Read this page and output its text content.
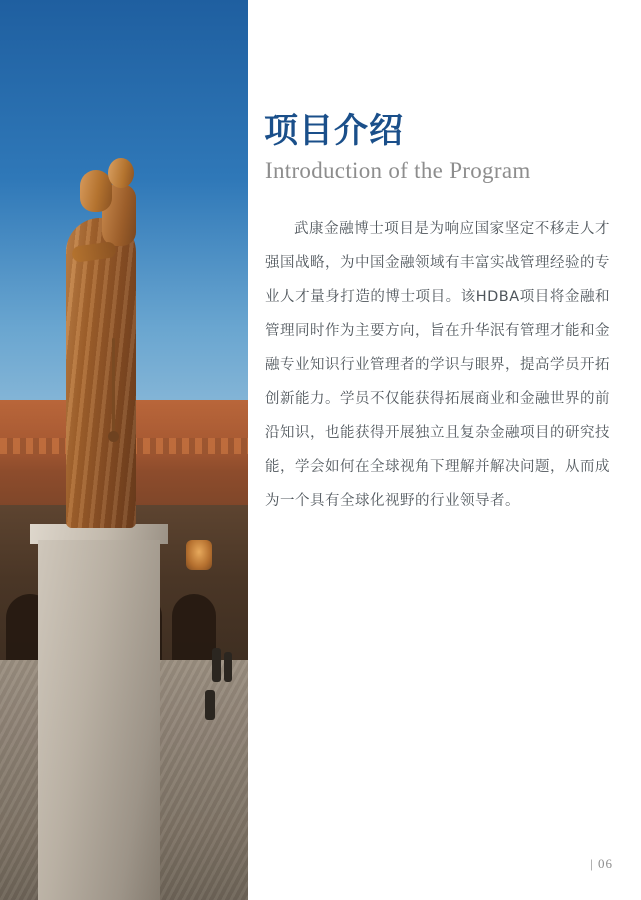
项目介绍
Introduction of the Program
武康金融博士项目是为响应国家坚定不移走人才强国战略，为中国金融领域有丰富实战管理经验的专业人才量身打造的博士项目。该HDBA项目将金融和管理同时作为主要方向，旨在升华泯有管理才能和金融专业知识行业管理者的学识与眼界，提高学员开拓创新能力。学员不仅能获得拓展商业和金融世界的前沿知识，也能获得开展独立且复杂金融项目的研究技能，学会如何在全球视角下理解并解决问题，从而成为一个具有全球化视野的行业领导者。
| 06
